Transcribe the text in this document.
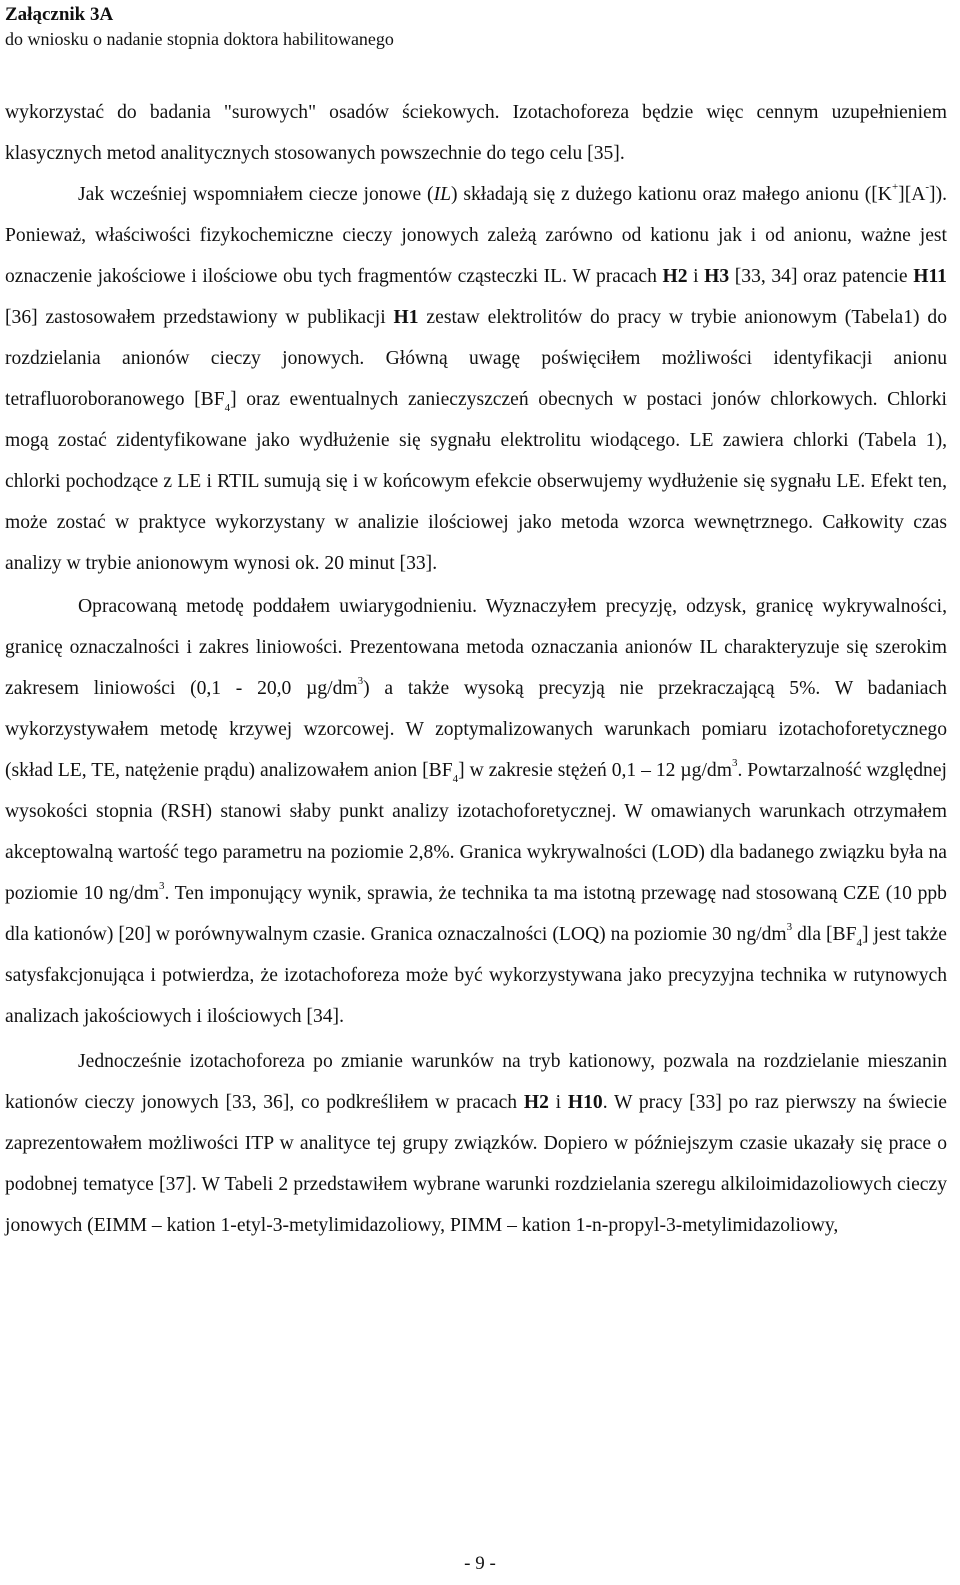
Załącznik 3A
do wniosku o nadanie stopnia doktora habilitowanego

wykorzystać do badania "surowych" osadów ściekowych. Izotachoforeza będzie więc cennym uzupełnieniem klasycznych metod analitycznych stosowanych powszechnie do tego celu [35].

Jak wcześniej wspomniałem ciecze jonowe (IL) składają się z dużego kationu oraz małego anionu ([K+][A-]). Ponieważ, właściwości fizykochemiczne cieczy jonowych zależą zarówno od kationu jak i od anionu, ważne jest oznaczenie jakościowe i ilościowe obu tych fragmentów cząsteczki IL. W pracach H2 i H3 [33, 34] oraz patencie H11 [36] zastosowałem przedstawiony w publikacji H1 zestaw elektrolitów do pracy w trybie anionowym (Tabela1) do rozdzielania anionów cieczy jonowych. Główną uwagę poświęciłem możliwości identyfikacji anionu tetrafluoroboranowego $[BF_4]$ oraz ewentualnych zanieczyszczeń obecnych w postaci jonów chlorkowych. Chlorki mogą zostać zidentyfikowane jako wydłużenie się sygnału elektrolitu wiodącego. LE zawiera chlorki (Tabela 1), chlorki pochodzące z LE i RTIL sumują się i w końcowym efekcie obserwujemy wydłużenie się sygnału LE. Efekt ten, może zostać w praktyce wykorzystany w analizie ilościowej jako metoda wzorca wewnętrznego. Całkowity czas analizy w trybie anionowym wynosi ok. 20 minut [33].

Opracowaną metodę poddałem uwiarygodnieniu. Wyznaczyłem precyzję, odzysk, granicę wykrywalności, granicę oznaczalności i zakres liniowości. Prezentowana metoda oznaczania anionów IL charakteryzuje się szerokim zakresem liniowości (0,1 - 20,0 $\mu g/dm^3$) a także wysoką precyzją nie przekraczającą 5%. W badaniach wykorzystywałem metodę krzywej wzorcowej. W zoptymalizowanych warunkach pomiaru izotachoforetycznego (skład LE, TE, natężenie prądu) analizowałem anion $[BF_4]$ w zakresie stężeń 0,1 – 12 $\mu g/dm^3$. Powtarzalność względnej wysokości stopnia (RSH) stanowi słaby punkt analizy izotachoforetycznej. W omawianych warunkach otrzymałem akceptowalną wartość tego parametru na poziomie 2,8%. Granica wykrywalności (LOD) dla badanego związku była na poziomie 10 $ng/dm^3$. Ten imponujący wynik, sprawia, że technika ta ma istotną przewagę nad stosowaną CZE (10 ppb dla kationów) [20] w porównywalnym czasie. Granica oznaczalności (LOQ) na poziomie 30 $ng/dm^3$ dla $[BF_4]$ jest także satysfakcjonująca i potwierdza, że izotachoforeza może być wykorzystywana jako precyzyjna technika w rutynowych analizach jakościowych i ilościowych [34].

Jednocześnie izotachoforeza po zmianie warunków na tryb kationowy, pozwala na rozdzielanie mieszanin kationów cieczy jonowych [33, 36], co podkreśliłem w pracach H2 i H10. W pracy [33] po raz pierwszy na świecie zaprezentowałem możliwości ITP w analityce tej grupy związków. Dopiero w późniejszym czasie ukazały się prace o podobnej tematyce [37]. W Tabeli 2 przedstawiłem wybrane warunki rozdzielania szeregu alkiloimidazoliowych cieczy jonowych (EIMM – kation 1-etyl-3-metylimidazoliowy, PIMM – kation 1-n-propyl-3-metylimidazoliowy,

- 9 -
